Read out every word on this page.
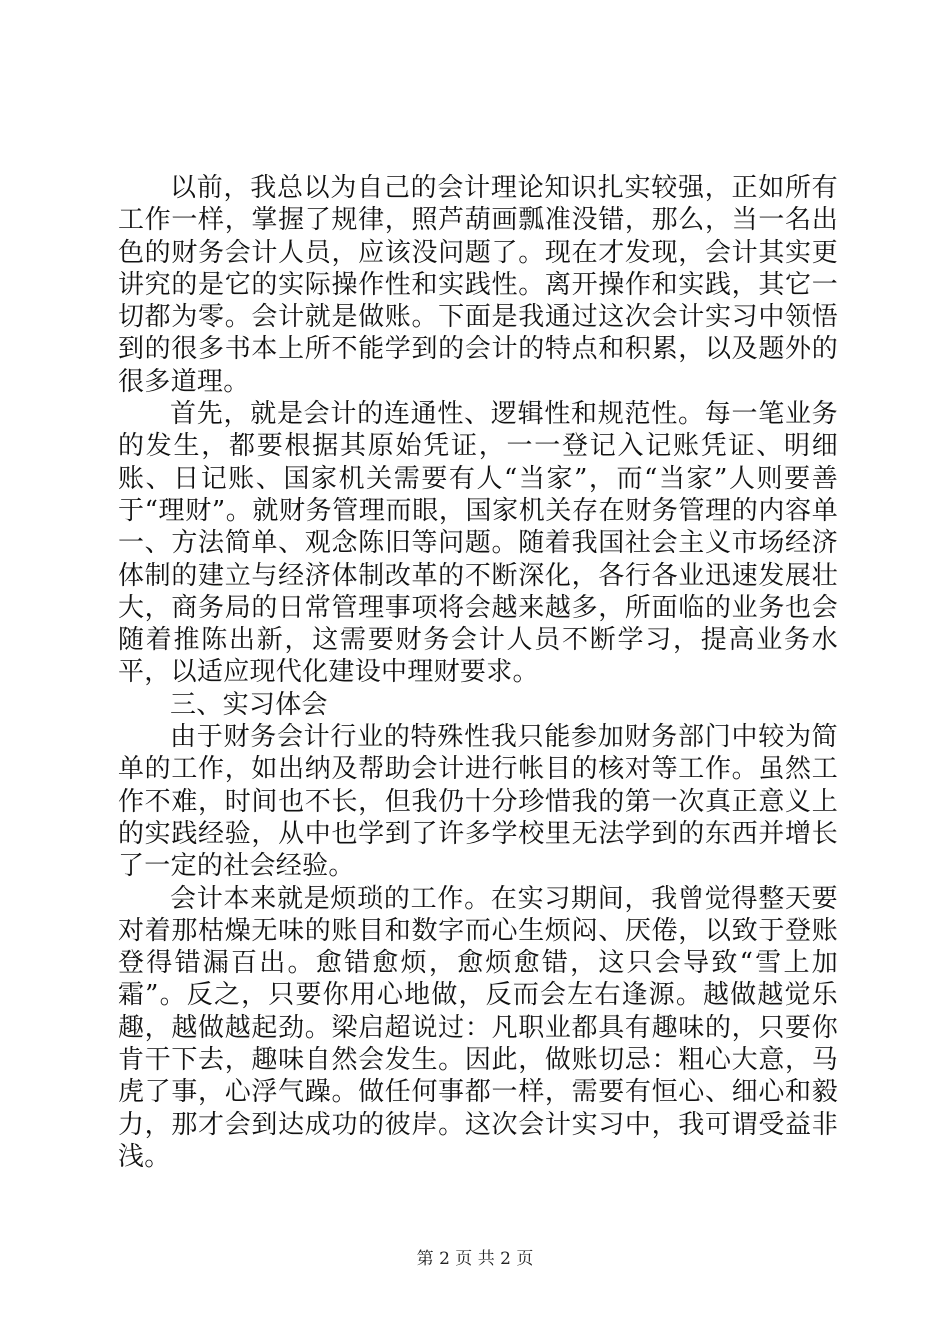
以前，我总以为自己的会计理论知识扎实较强，正如所有工作一样，掌握了规律，照芦葫画瓢准没错，那么，当一名出色的财务会计人员，应该没问题了。现在才发现，会计其实更讲究的是它的实际操作性和实践性。离开操作和实践，其它一切都为零。会计就是做账。下面是我通过这次会计实习中领悟到的很多书本上所不能学到的会计的特点和积累，以及题外的很多道理。

首先，就是会计的连通性、逻辑性和规范性。每一笔业务的发生，都要根据其原始凭证，一一登记入记账凭证、明细账、日记账、国家机关需要有人“当家”，而“当家”人则要善于“理财”。就财务管理而眼，国家机关存在财务管理的内容单一、方法简单、观念陈旧等问题。随着我国社会主义市场经济体制的建立与经济体制改革的不断深化，各行各业迅速发展壮大，商务局的日常管理事项将会越来越多，所面临的业务也会随着推陈出新，这需要财务会计人员不断学习，提高业务水平，以适应现代化建设中理财要求。

三、实习体会

由于财务会计行业的特殊性我只能参加财务部门中较为简单的工作，如出纳及帮助会计进行帐目的核对等工作。虽然工作不难，时间也不长，但我仍十分珍惜我的第一次真正意义上的实践经验，从中也学到了许多学校里无法学到的东西并增长了一定的社会经验。

会计本来就是烦琐的工作。在实习期间，我曾觉得整天要对着那枯燥无味的账目和数字而心生烦闷、厌倦，以致于登账登得错漏百出。愈错愈烦，愈烦愈错，这只会导致“雪上加霜”。反之，只要你用心地做，反而会左右逢源。越做越觉乐趣，越做越起劲。梁启超说过：凡职业都具有趣味的，只要你肯干下去，趣味自然会发生。因此，做账切忌：粗心大意，马虎了事，心浮气躁。做任何事都一样，需要有恒心、细心和毅力，那才会到达成功的彼岸。这次会计实习中，我可谓受益非浅。

第 2 页 共 2 页
